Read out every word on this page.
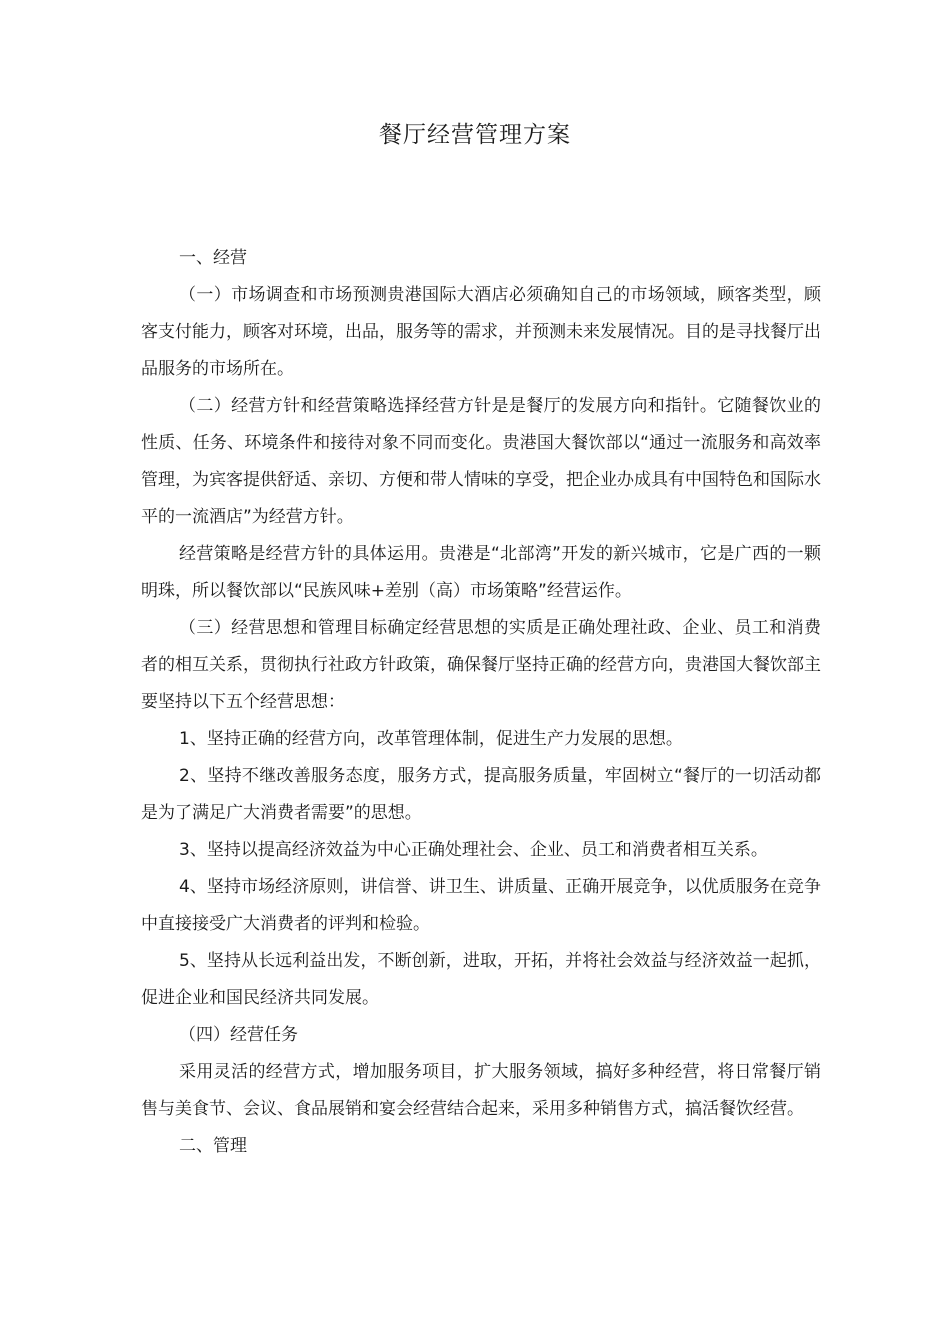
餐厅经营管理方案

一、经营

（一）市场调查和市场预测贵港国际大酒店必须确知自己的市场领域，顾客类型，顾客支付能力，顾客对环境，出品，服务等的需求，并预测未来发展情况。目的是寻找餐厅出品服务的市场所在。

（二）经营方针和经营策略选择经营方针是是餐厅的发展方向和指针。它随餐饮业的性质、任务、环境条件和接待对象不同而变化。贵港国大餐饮部以“通过一流服务和高效率管理，为宾客提供舒适、亲切、方便和带人情味的享受，把企业办成具有中国特色和国际水平的一流酒店”为经营方针。

经营策略是经营方针的具体运用。贵港是“北部湾”开发的新兴城市，它是广西的一颗明珠，所以餐饮部以“民族风味+差别（高）市场策略”经营运作。

（三）经营思想和管理目标确定经营思想的实质是正确处理社政、企业、员工和消费者的相互关系，贯彻执行社政方针政策，确保餐厅坚持正确的经营方向，贵港国大餐饮部主要坚持以下五个经营思想：

1、坚持正确的经营方向，改革管理体制，促进生产力发展的思想。

2、坚持不继改善服务态度，服务方式，提高服务质量，牢固树立“餐厅的一切活动都是为了满足广大消费者需要”的思想。

3、坚持以提高经济效益为中心正确处理社会、企业、员工和消费者相互关系。

4、坚持市场经济原则，讲信誉、讲卫生、讲质量、正确开展竞争，以优质服务在竞争中直接接受广大消费者的评判和检验。

5、坚持从长远利益出发，不断创新，进取，开拓，并将社会效益与经济效益一起抓，促进企业和国民经济共同发展。

（四）经营任务

采用灵活的经营方式，增加服务项目，扩大服务领域，搞好多种经营，将日常餐厅销售与美食节、会议、食品展销和宴会经营结合起来，采用多种销售方式，搞活餐饮经营。

二、管理
